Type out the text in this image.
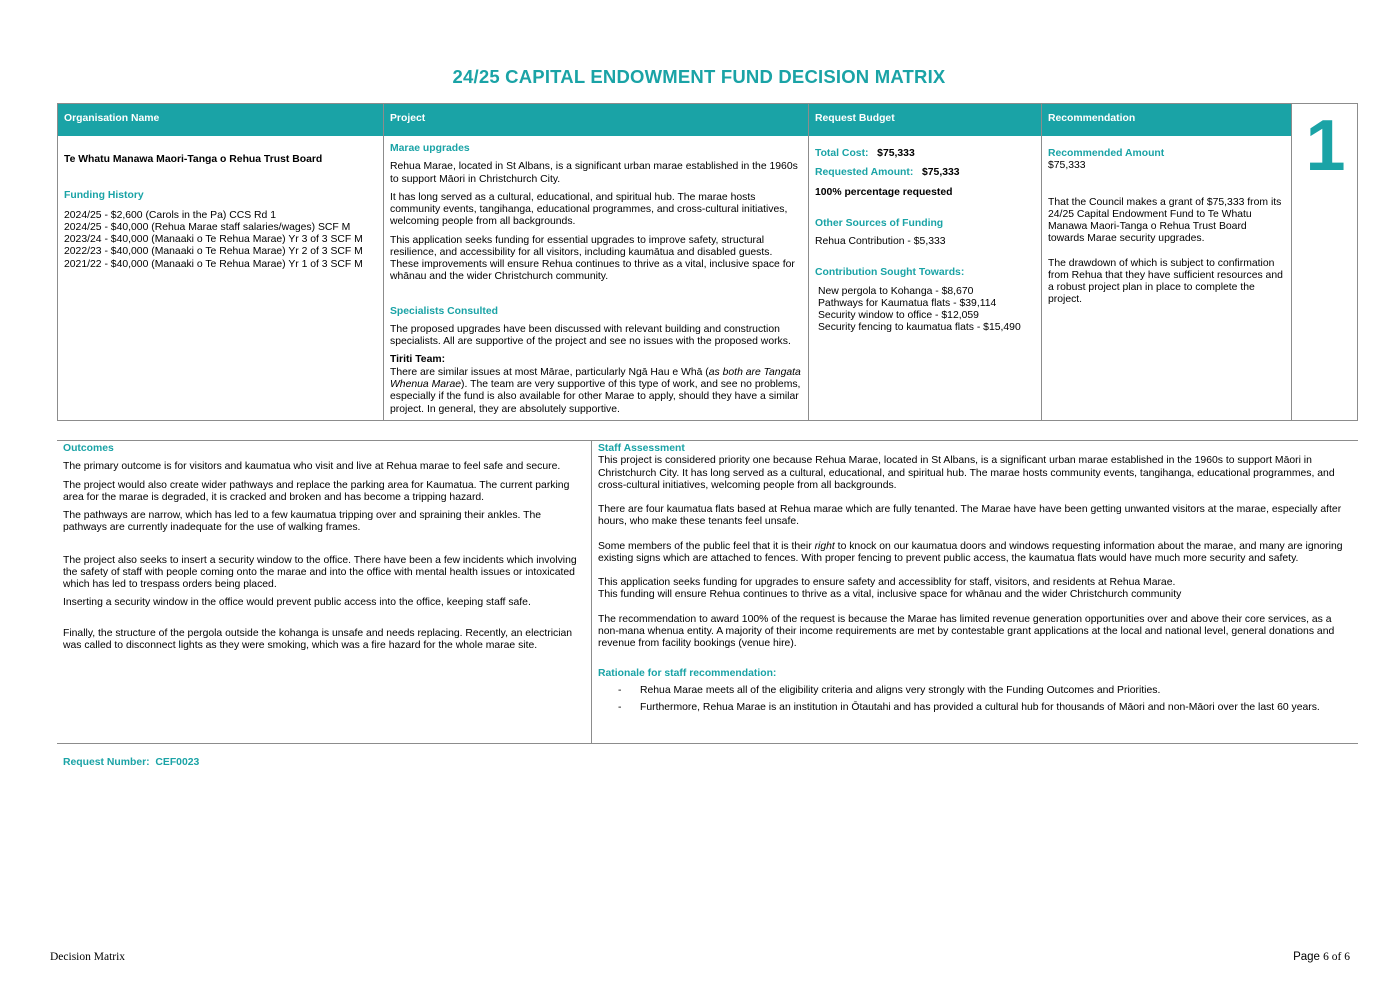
24/25 CAPITAL ENDOWMENT FUND DECISION MATRIX
Organisation Name
Te Whatu Manawa Maori-Tanga o Rehua Trust Board
Funding History
2024/25 - $2,600 (Carols in the Pa) CCS Rd 1
2024/25 - $40,000 (Rehua Marae staff salaries/wages) SCF M
2023/24 - $40,000 (Manaaki o Te Rehua Marae) Yr 3 of 3 SCF M
2022/23 - $40,000 (Manaaki o Te Rehua Marae) Yr 2 of 3 SCF M
2021/22 - $40,000 (Manaaki o Te Rehua Marae) Yr 1 of 3 SCF M
Project
Marae upgrades
Rehua Marae, located in St Albans, is a significant urban marae established in the 1960s to support Māori in Christchurch City.
It has long served as a cultural, educational, and spiritual hub. The marae hosts community events, tangihanga, educational programmes, and cross-cultural initiatives, welcoming people from all backgrounds.
This application seeks funding for essential upgrades to improve safety, structural resilience, and accessibility for all visitors, including kaumātua and disabled guests. These improvements will ensure Rehua continues to thrive as a vital, inclusive space for whānau and the wider Christchurch community.
Specialists Consulted
The proposed upgrades have been discussed with relevant building and construction specialists. All are supportive of the project and see no issues with the proposed works.
Tiriti Team:
There are similar issues at most Mārae, particularly Ngā Hau e Whā (as both are Tangata Whenua Marae). The team are very supportive of this type of work, and see no problems, especially if the fund is also available for other Marae to apply, should they have a similar project. In general, they are absolutely supportive.
Request Budget
Total Cost: $75,333
Requested Amount: $75,333
100% percentage requested
Other Sources of Funding
Rehua Contribution - $5,333
Contribution Sought Towards:
New pergola to Kohanga - $8,670
Pathways for Kaumatua flats - $39,114
Security window to office - $12,059
Security fencing to kaumatua flats - $15,490
Recommendation
Recommended Amount
$75,333
That the Council makes a grant of $75,333 from its 24/25 Capital Endowment Fund to Te Whatu Manawa Maori-Tanga o Rehua Trust Board towards Marae security upgrades.
The drawdown of which is subject to confirmation from Rehua that they have sufficient resources and a robust project plan in place to complete the project.
1
Outcomes
The primary outcome is for visitors and kaumatua who visit and live at Rehua marae to feel safe and secure.
The project would also create wider pathways and replace the parking area for Kaumatua. The current parking area for the marae is degraded, it is cracked and broken and has become a tripping hazard.
The pathways are narrow, which has led to a few kaumatua tripping over and spraining their ankles. The pathways are currently inadequate for the use of walking frames.
The project also seeks to insert a security window to the office. There have been a few incidents which involving the safety of staff with people coming onto the marae and into the office with mental health issues or intoxicated which has led to trespass orders being placed.
Inserting a security window in the office would prevent public access into the office, keeping staff safe.
Finally, the structure of the pergola outside the kohanga is unsafe and needs replacing. Recently, an electrician was called to disconnect lights as they were smoking, which was a fire hazard for the whole marae site.
Staff Assessment
This project is considered priority one because Rehua Marae, located in St Albans, is a significant urban marae established in the 1960s to support Māori in Christchurch City. It has long served as a cultural, educational, and spiritual hub. The marae hosts community events, tangihanga, educational programmes, and cross-cultural initiatives, welcoming people from all backgrounds.
There are four kaumatua flats based at Rehua marae which are fully tenanted. The Marae have have been getting unwanted visitors at the marae, especially after hours, who make these tenants feel unsafe.
Some members of the public feel that it is their right to knock on our kaumatua doors and windows requesting information about the marae, and many are ignoring existing signs which are attached to fences. With proper fencing to prevent public access, the kaumatua flats would have much more security and safety.
This application seeks funding for upgrades to ensure safety and accessiblity for staff, visitors, and residents at Rehua Marae.
This funding will ensure Rehua continues to thrive as a vital, inclusive space for whānau and the wider Christchurch community
The recommendation to award 100% of the request is because the Marae has limited revenue generation opportunities over and above their core services, as a non-mana whenua entity. A majority of their income requirements are met by contestable grant applications at the local and national level, general donations and revenue from facility bookings (venue hire).
Rationale for staff recommendation:
- Rehua Marae meets all of the eligibility criteria and aligns very strongly with the Funding Outcomes and Priorities.
- Furthermore, Rehua Marae is an institution in Ōtautahi and has provided a cultural hub for thousands of Māori and non-Māori over the last 60 years.
Request Number: CEF0023
Decision Matrix	Page 6 of 6
